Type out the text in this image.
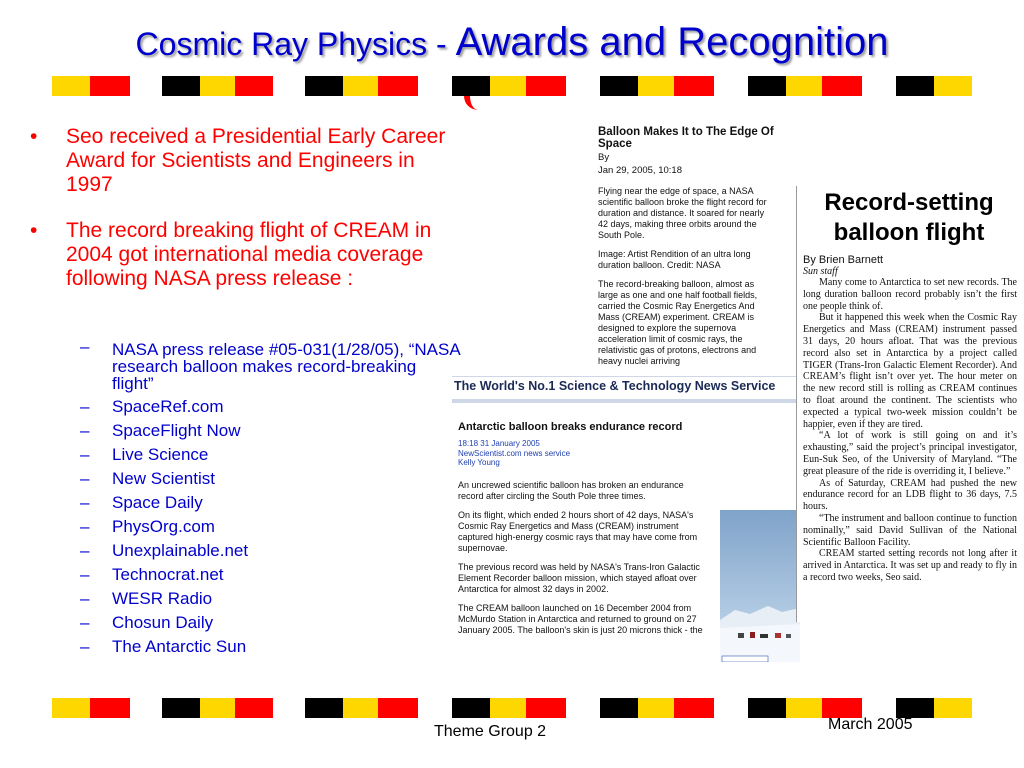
Cosmic Ray Physics - Awards and Recognition
• Seo received a Presidential Early Career Award for Scientists and Engineers in 1997
• The record breaking flight of CREAM in 2004 got international media coverage following NASA press release :
– NASA press release #05-031(1/28/05), “NASA research balloon makes record-breaking flight”
– SpaceRef.com
– SpaceFlight Now
– Live Science
– New Scientist
– Space Daily
– PhysOrg.com
– Unexplainable.net
– Technocrat.net
– WESR Radio
– Chosun Daily
– The Antarctic Sun
Balloon Makes It to The Edge Of Space
By
Jan 29, 2005, 10:18

Flying near the edge of space, a NASA scientific balloon broke the flight record for duration and distance. It soared for nearly 42 days, making three orbits around the South Pole.

Image: Artist Rendition of an ultra long duration balloon. Credit: NASA

The record-breaking balloon, almost as large as one and one half football fields, carried the Cosmic Ray Energetics And Mass (CREAM) experiment. CREAM is designed to explore the supernova acceleration limit of cosmic rays, the relativistic gas of protons, electrons and heavy nuclei arriving

The World's No.1 Science & Technology News Service
Antarctic balloon breaks endurance record
18:18 31 January 2005
NewScientist.com news service
Kelly Young

An uncrewed scientific balloon has broken an endurance record after circling the South Pole three times.

On its flight, which ended 2 hours short of 42 days, NASA's Cosmic Ray Energetics and Mass (CREAM) instrument captured high-energy cosmic rays that may have come from supernovae.

The previous record was held by NASA's Trans-Iron Galactic Element Recorder balloon mission, which stayed afloat over Antarctica for almost 32 days in 2002.

The CREAM balloon launched on 16 December 2004 from McMurdo Station in Antarctica and returned to ground on 27 January 2005. The balloon's skin is just 20 microns thick - the

Record-setting balloon flight
By Brien Barnett
Sun staff

Many come to Antarctica to set new records. The long duration balloon record probably isn’t the first one people think of.

But it happened this week when the Cosmic Ray Energetics and Mass (CREAM) instrument passed 31 days, 20 hours afloat. That was the previous record also set in Antarctica by a project called TIGER (Trans-Iron Galactic Element Recorder). And CREAM’s flight isn’t over yet. The hour meter on the new record still is rolling as CREAM continues to float around the continent. The scientists who expected a typical two-week mission couldn’t be happier, even if they are tired.

“A lot of work is still going on and it’s exhausting,” said the project’s principal investigator, Eun-Suk Seo, of the University of Maryland. “The great pleasure of the ride is overriding it, I believe.”

As of Saturday, CREAM had pushed the new endurance record for an LDB flight to 36 days, 7.5 hours.

“The instrument and balloon continue to function nominally,” said David Sullivan of the National Scientific Balloon Facility.

CREAM started setting records not long after it arrived in Antarctica. It was set up and ready to fly in a record two weeks, Seo said.

Theme Group 2	March 2005
